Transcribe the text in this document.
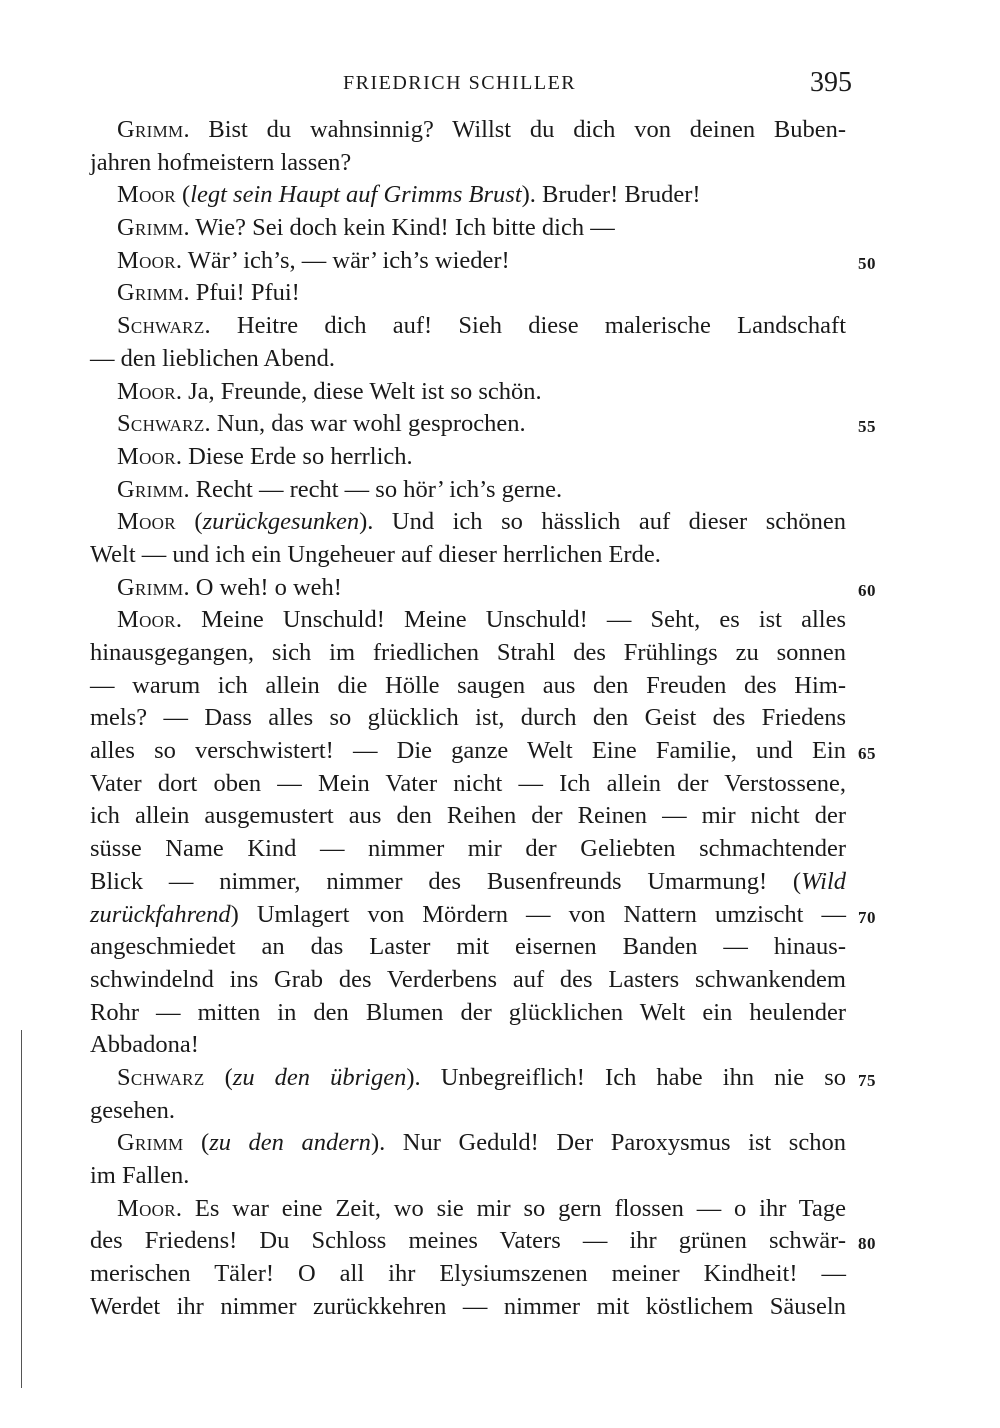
FRIEDRICH SCHILLER	395
Grimm. Bist du wahnsinnig? Willst du dich von deinen Buben-
jahren hofmeistern lassen?
Moor (legt sein Haupt auf Grimms Brust). Bruder! Bruder!
Grimm. Wie? Sei doch kein Kind! Ich bitte dich —
Moor. Wär’ ich’s, — wär’ ich’s wieder!	50
Grimm. Pfui! Pfui!
Schwarz. Heitre dich auf! Sieh diese malerische Landschaft
— den lieblichen Abend.
Moor. Ja, Freunde, diese Welt ist so schön.
Schwarz. Nun, das war wohl gesprochen.	55
Moor. Diese Erde so herrlich.
Grimm. Recht — recht — so hör’ ich’s gerne.
Moor (zurückgesunken). Und ich so hässlich auf dieser schönen
Welt — und ich ein Ungeheuer auf dieser herrlichen Erde.
Grimm. O weh! o weh!	60
Moor. Meine Unschuld! Meine Unschuld! — Seht, es ist alles
hinausgegangen, sich im friedlichen Strahl des Frühlings zu sonnen
— warum ich allein die Hölle saugen aus den Freuden des Him-
mels? — Dass alles so glücklich ist, durch den Geist des Friedens
alles so verschwistert! — Die ganze Welt Eine Familie, und Ein 65
Vater dort oben — Mein Vater nicht — Ich allein der Verstossene,
ich allein ausgemustert aus den Reihen der Reinen — mir nicht der
süsse Name Kind — nimmer mir der Geliebten schmachtender
Blick — nimmer, nimmer des Busenfreunds Umarmung! (Wild
zurückfahrend) Umlagert von Mördern — von Nattern umzischt — 70
angeschmiedet an das Laster mit eisernen Banden — hinaus-
schwindelnd ins Grab des Verderbens auf des Lasters schwankendem
Rohr — mitten in den Blumen der glücklichen Welt ein heulender
Abbadona!
Schwarz (zu den übrigen). Unbegreiflich! Ich habe ihn nie so 75
gesehen.
Grimm (zu den andern). Nur Geduld! Der Paroxysmus ist schon
im Fallen.
Moor. Es war eine Zeit, wo sie mir so gern flossen — o ihr Tage
des Friedens! Du Schloss meines Vaters — ihr grünen schwär- 80
merischen Täler! O all ihr Elysiumszenen meiner Kindheit! —
Werdet ihr nimmer zurückkehren — nimmer mit köstlichem Säuseln
